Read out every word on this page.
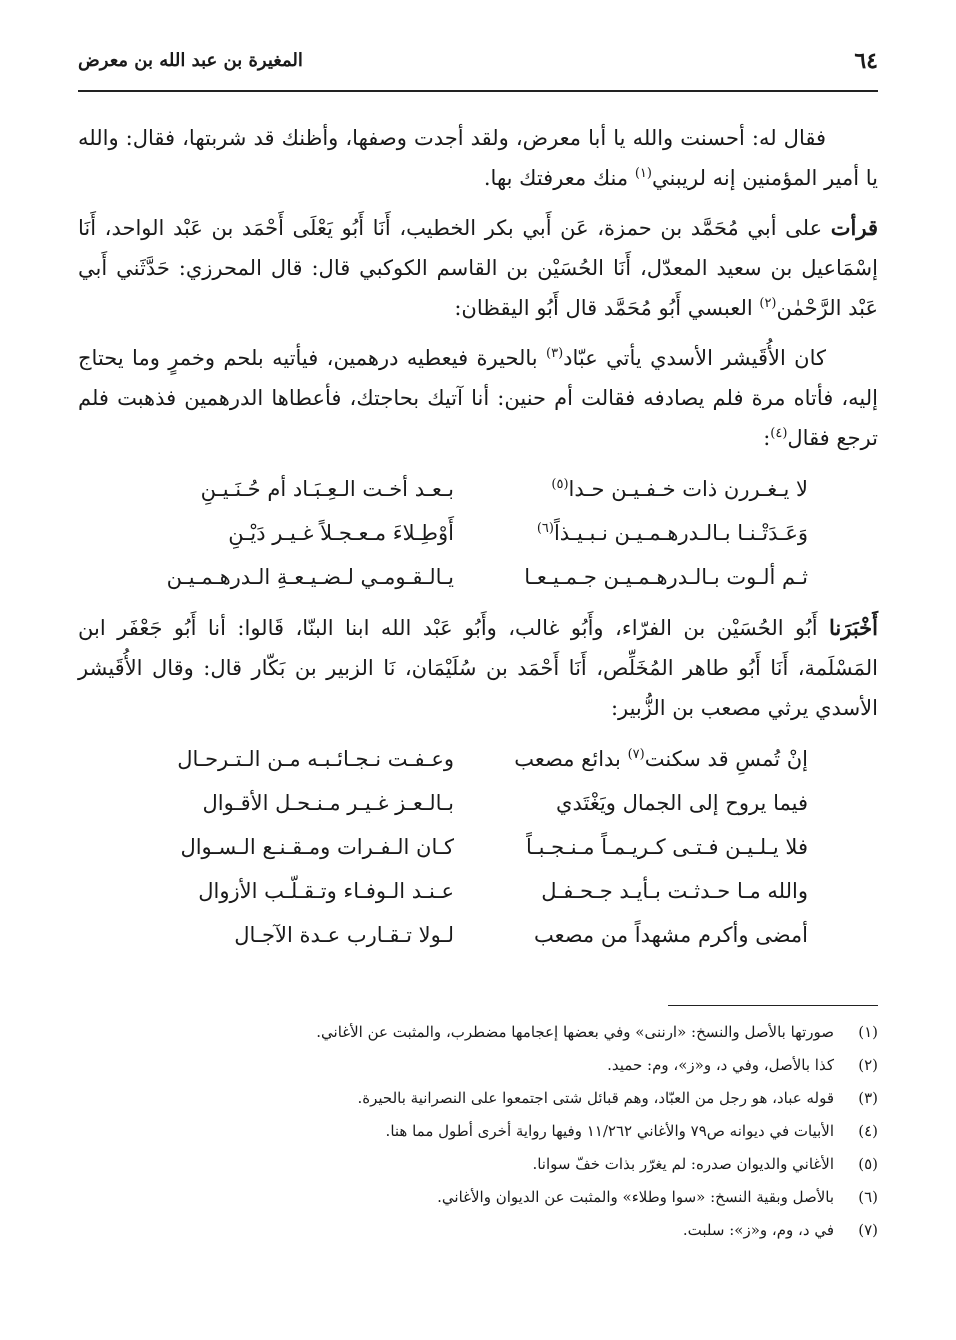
٦٤
المغيرة بن عبد الله بن معرض

فقال له: أحسنت والله يا أبا معرض، ولقد أجدت وصفها، وأظنك قد شربتها، فقال: والله يا أمير المؤمنين إنه لريبني$^{(١)}$ منك معرفتك بها.

قرأت على أبي مُحَمَّد بن حمزة، عَن أَبي بكر الخطيب، أَنَا أَبُو يَعْلَى أَحْمَد بن عَبْد الواحد، أَنَا إسْمَاعيل بن سعيد المعدّل، أَنَا الحُسَيْن بن القاسم الكوكبي قال: قال المحرزي: حَدَّثَني أَبي عَبْد الرَّحْمٰن$^{(٢)}$ العبسي أَبُو مُحَمَّد قال أَبُو اليقظان:

كان الأُقَيشر الأسدي يأتي عبّاد$^{(٣)}$ بالحيرة فيعطيه درهمين، فيأتيه بلحم وخمرٍ وما يحتاج إليه، فأتاه مرة فلم يصادفه فقالت أم حنين: أنا آتيك بحاجتك، فأعطاها الدرهمين فذهبت فلم ترجع فقال$^{(٤)}$:

لا يـغـررن ذات خـفـيـن حـدا$^{(٥)}$
بـعـد أخـت الـعِـبَـاد أم حُـنَـيـنِ
وَعَـدَتْـنـا بـالـدرهـمـيـن نـبـيـذاً$^{(٦)}$
أَوْطِـلاءَ مـعـجـلاً غـيـر دَيْـنِ
ثـم ألـوت بـالـدرهـمـيـن جـمـيـعـا
يـالـقـومـي لـضـيـعـةِ الـدرهـمـيـن

أَخْبَرَنا أَبُو الحُسَيْن بن الفرّاء، وأَبُو غالب، وأَبُو عَبْد الله ابنا البنّا، قَالوا: أنا أَبُو جَعْفَر ابن المَسْلَمة، أَنَا أَبُو طاهر المُخَلِّص، أَنَا أَحْمَد بن سُلَيْمَان، نَا الزبير بن بَكّار قال: وقال الأُقَيشر الأسدي يرثي مصعب بن الزُّبير:

إنْ تُمسِ قد سكنت$^{(٧)}$ بدائع مصعب
وعـفـت نـجـائـبـه مـن الـتـرحـال
فيما يروح إلى الجمال ويَغْتَدي
بـالـعـز غـيـر مـنـحـل الأقـوال
فلا يـلـيـن فـتـى كـريـمـاً مـنـجـبـاً
كـان الـفـرات ومـقـنـع الـسـوال
والله مـا حـدثـت بـأيـد جـحـفـل
عـنـد الـوفـاء وتـقـلّـب الأزوال
أمضى وأكرم مشهداً من مصعب
لـولا تـقـارب عـدة الآجـال
(١)
صورتها بالأصل والنسخ: «ارننى» وفي بعضها إعجامها مضطرب، والمثبت عن الأغاني.
(٢)
كذا بالأصل، وفي د، و«ز»، وم: حميد.
(٣)
قوله عباد، هو رجل من العبّاد، وهم قبائل شتى اجتمعوا على النصرانية بالحيرة.
(٤)
الأبيات في ديوانه ص٧٩ والأغاني ١١/٢٦٢ وفيها رواية أخرى أطول مما هنا.
(٥)
الأغاني والديوان صدره: لم يغرّر بذات خفّ سوانا.
(٦)
بالأصل وبقية النسخ: «سوا وطلاء» والمثبت عن الديوان والأغاني.
(٧)
في د، وم، و«ز»: سلبت.
